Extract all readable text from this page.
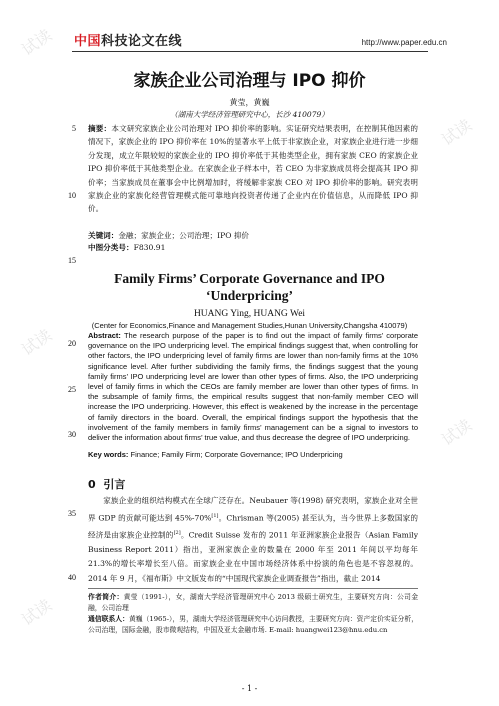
试读
试读
试读
试读
试读
中国科技论文在线	http://www.paper.edu.cn
家族企业公司治理与 IPO 抑价
黄莹，黄巍
（湖南大学经济管理研究中心，长沙 410079）
5
10
15
20
25
30
35
40
摘要：本文研究家族企业公司治理对 IPO 抑价率的影响。实证研究结果表明，在控制其他因素的情况下，家族企业的 IPO 抑价率在 10%的显著水平上低于非家族企业，对家族企业进行进一步细分发现，成立年限较短的家族企业的 IPO 抑价率低于其他类型企业，拥有家族 CEO 的家族企业 IPO 抑价率低于其他类型企业。在家族企业子样本中，若 CEO 为非家族成员将会提高其 IPO 抑价率；当家族成员在董事会中比例增加时，将缓解非家族 CEO 对 IPO 抑价率的影响。研究表明家族企业的家族化经营管理模式能可靠地向投资者传递了企业内在价值信息，从而降低 IPO 抑价。
关键词：金融；家族企业；公司治理；IPO 抑价
中图分类号：F830.91
Family Firms’ Corporate Governance and IPO
‘Underpricing’
HUANG Ying, HUANG Wei
(Center for Economics,Finance and Management Studies,Hunan University,Changsha 410079)
Abstract: The research purpose of the paper is to find out the impact of family firms’ corporate governance on the IPO underpricing level. The empirical findings suggest that, when controlling for other factors, the IPO underpricing level of family firms are lower than non-family firms at the 10% significance level. After further subdividing the family firms, the findings suggest that the young family firms’ IPO underpricing level are lower than other types of firms. Also, the IPO underpricing level of family firms in which the CEOs are family member are lower than other types of firms. In the subsample of family firms, the empirical results suggest that non-family member CEO will increase the IPO underpricing. However, this effect is weakened by the increase in the percentage of family directors in the board. Overall, the empirical findings support the hypothesis that the involvement of the family members in family firms’ management can be a signal to investors to deliver the information about firms’ true value, and thus decrease the degree of IPO underpricing.
Key words: Finance; Family Firm; Corporate Governance; IPO Underpricing
0 引言
家族企业的组织结构模式在全球广泛存在。Neubauer 等(1998) 研究表明，家族企业对全世界 GDP 的贡献可能达到 45%-70%[1]。Chrisman 等(2005) 甚至认为，当今世界上多数国家的经济是由家族企业控制的[2]。Credit Suisse 发布的 2011 年亚洲家族企业报告（Asian Family Business Report 2011）指出，亚洲家族企业的数量在 2000 年至 2011 年间以平均每年 21.3%的增长率增长至八倍。而家族企业在中国市场经济体系中扮演的角色也是不容忽视的。2014 年 9 月，《福布斯》中文版发布的“中国现代家族企业调查报告”指出，截止 2014
作者简介：黄莹（1991-），女，湖南大学经济管理研究中心 2013 级硕士研究生，主要研究方向：公司金融，公司治理
通信联系人：黄巍（1965-），男，湖南大学经济管理研究中心访问教授，主要研究方向：资产定价实证分析，公司治理，国际金融，股市微观结构，中国及亚太金融市场. E-mail: huangwei123@hnu.edu.cn
- 1 -
